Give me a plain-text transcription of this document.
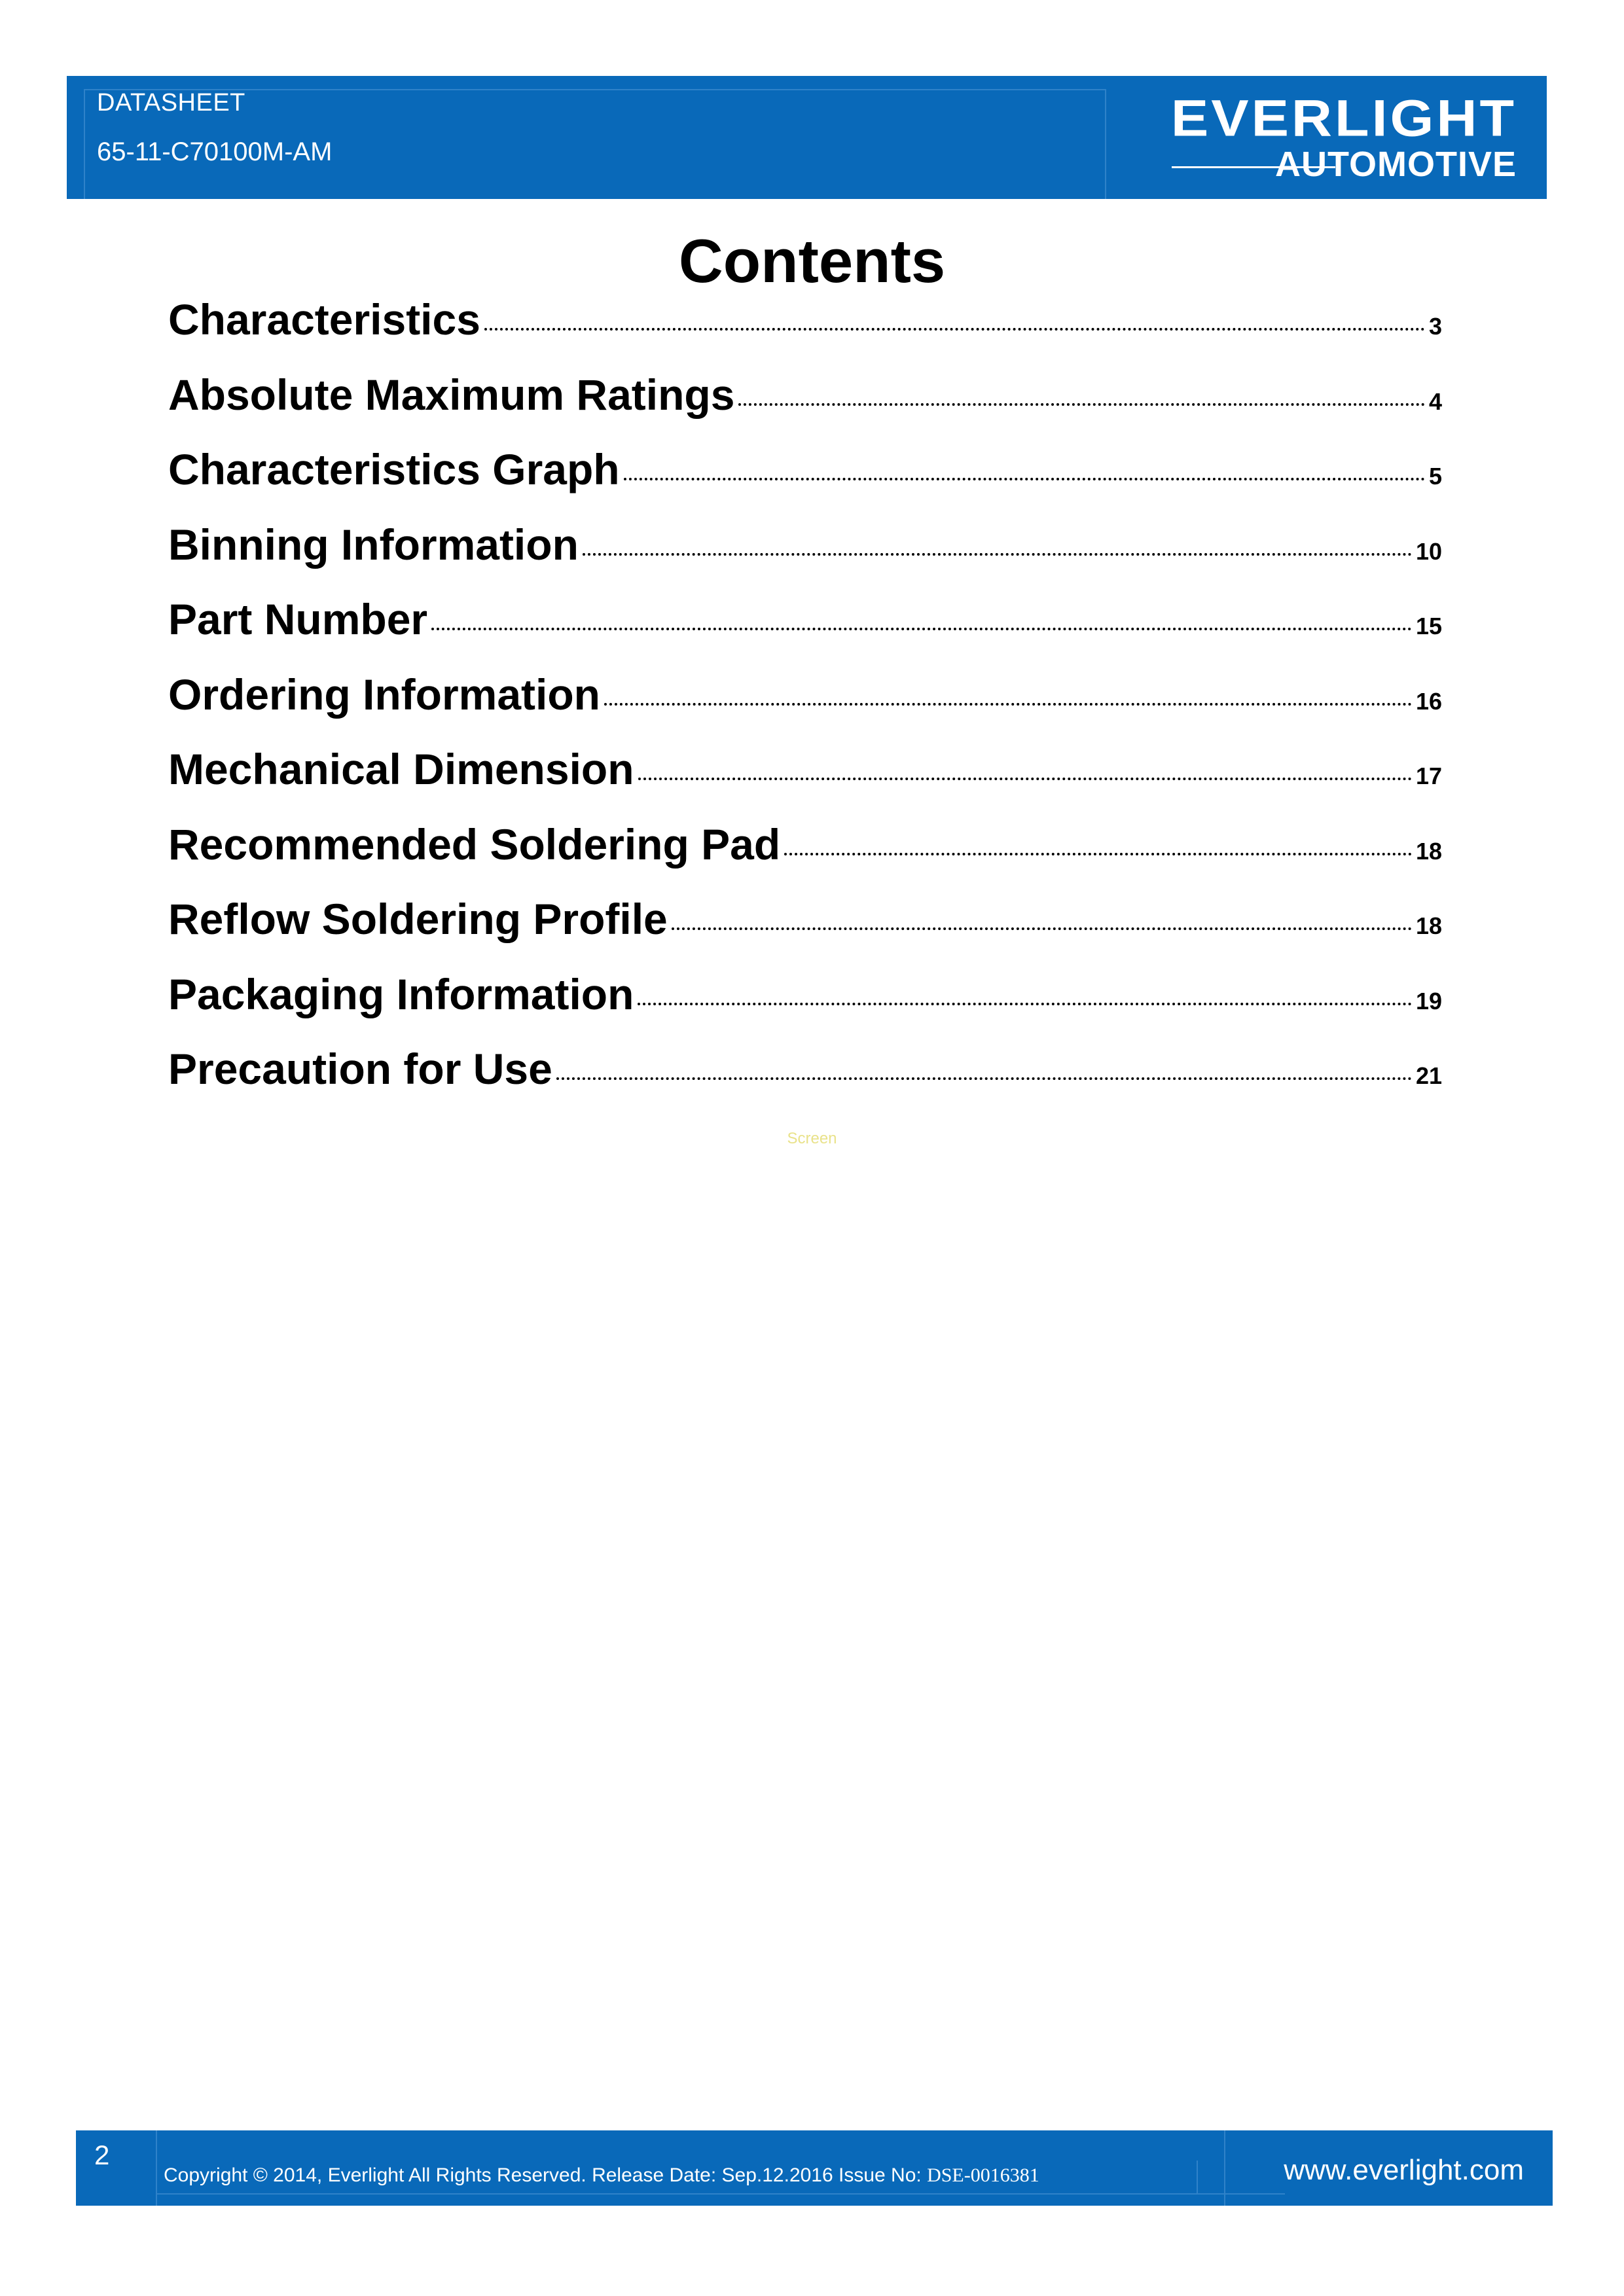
DATASHEET
65-11-C70100M-AM
EVERLIGHT
AUTOMOTIVE
Contents
Characteristics	3
Absolute Maximum Ratings	4
Characteristics Graph	5
Binning Information	10
Part Number	15
Ordering Information	16
Mechanical Dimension	17
Recommended Soldering Pad	18
Reflow Soldering Profile	18
Packaging Information	19
Precaution for Use	21
Screen
2
Copyright © 2014, Everlight All Rights Reserved. Release Date: Sep.12.2016 Issue No: DSE-0016381	www.everlight.com
